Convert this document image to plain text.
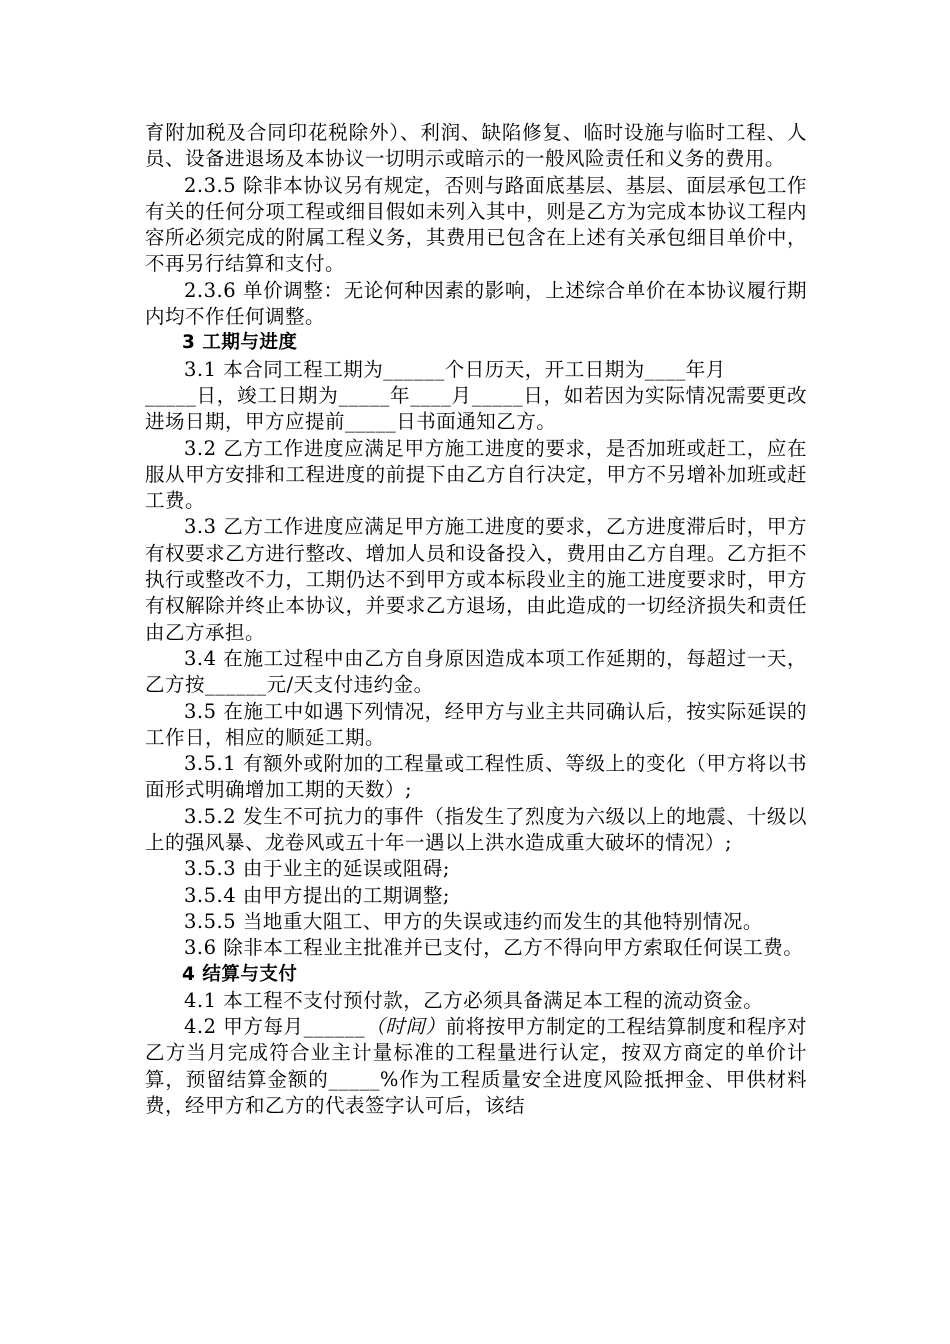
育附加税及合同印花税除外）、利润、缺陷修复、临时设施与临时工程、人员、设备进退场及本协议一切明示或暗示的一般风险责任和义务的费用。

2.3.5 除非本协议另有规定，否则与路面底基层、基层、面层承包工作有关的任何分项工程或细目假如未列入其中，则是乙方为完成本协议工程内容所必须完成的附属工程义务，其费用已包含在上述有关承包细目单价中，不再另行结算和支付。

2.3.6 单价调整：无论何种因素的影响，上述综合单价在本协议履行期内均不作任何调整。

3 工期与进度

3.1 本合同工程工期为______个日历天，开工日期为____年月

_____日，竣工日期为_____年____月_____日，如若因为实际情况需要更改进场日期，甲方应提前_____日书面通知乙方。

3.2 乙方工作进度应满足甲方施工进度的要求，是否加班或赶工，应在服从甲方安排和工程进度的前提下由乙方自行决定，甲方不另增补加班或赶工费。

3.3 乙方工作进度应满足甲方施工进度的要求，乙方进度滞后时，甲方有权要求乙方进行整改、增加人员和设备投入，费用由乙方自理。乙方拒不执行或整改不力，工期仍达不到甲方或本标段业主的施工进度要求时，甲方有权解除并终止本协议，并要求乙方退场，由此造成的一切经济损失和责任由乙方承担。

3.4 在施工过程中由乙方自身原因造成本项工作延期的，每超过一天，乙方按______元/天支付违约金。

3.5 在施工中如遇下列情况，经甲方与业主共同确认后，按实际延误的工作日，相应的顺延工期。

3.5.1 有额外或附加的工程量或工程性质、等级上的变化（甲方将以书面形式明确增加工期的天数）;

3.5.2 发生不可抗力的事件（指发生了烈度为六级以上的地震、十级以上的强风暴、龙卷风或五十年一遇以上洪水造成重大破坏的情况）;

3.5.3 由于业主的延误或阻碍;

3.5.4 由甲方提出的工期调整;

3.5.5 当地重大阻工、甲方的失误或违约而发生的其他特别情况。

3.6 除非本工程业主批准并已支付，乙方不得向甲方索取任何误工费。

4 结算与支付

4.1 本工程不支付预付款，乙方必须具备满足本工程的流动资金。

4.2 甲方每月______（时间）前将按甲方制定的工程结算制度和程序对乙方当月完成符合业主计量标准的工程量进行认定，按双方商定的单价计算，预留结算金额的_____%作为工程质量安全进度风险抵押金、甲供材料费，经甲方和乙方的代表签字认可后，该结
